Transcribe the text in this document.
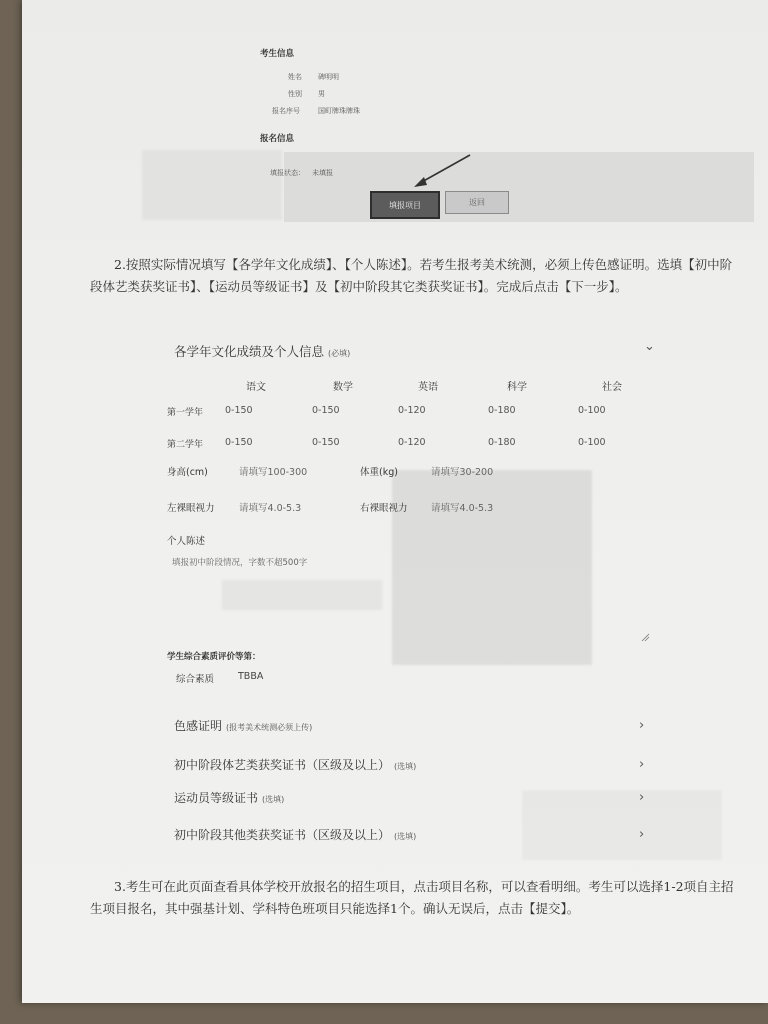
考生信息
姓名 碑明明
性别 男
报名序号	国町牌珠牌珠
报名信息
填报状态： 未填报
填报项目	返回
2.按照实际情况填写【各学年文化成绩】、【个人陈述】。若考生报考美术统测，必须上传色感证明。选填【初中阶段体艺类获奖证书】、【运动员等级证书】及【初中阶段其它类获奖证书】。完成后点击【下一步】。
各学年文化成绩及个人信息 (必填)	⌄
语文	数学	英语	科学	社会
第一学年 0-150	0-150	0-120	0-180	0-100
第二学年 0-150	0-150	0-120	0-180	0-100
身高(cm)	请填写100-300	体重(kg)	请填写30-200
左裸眼视力	请填写4.0-5.3	右裸眼视力 请填写4.0-5.3
个人陈述
填报初中阶段情况，字数不超500字
学生综合素质评价等第：
综合素质	TBBA
色感证明 (报考美术统测必须上传)	›
初中阶段体艺类获奖证书（区级及以上） (选填)	›
运动员等级证书 (选填)	›
初中阶段其他类获奖证书（区级及以上） (选填)	›
3.考生可在此页面查看具体学校开放报名的招生项目，点击项目名称，可以查看明细。考生可以选择1-2项自主招生项目报名，其中强基计划、学科特色班项目只能选择1个。确认无误后，点击【提交】。
